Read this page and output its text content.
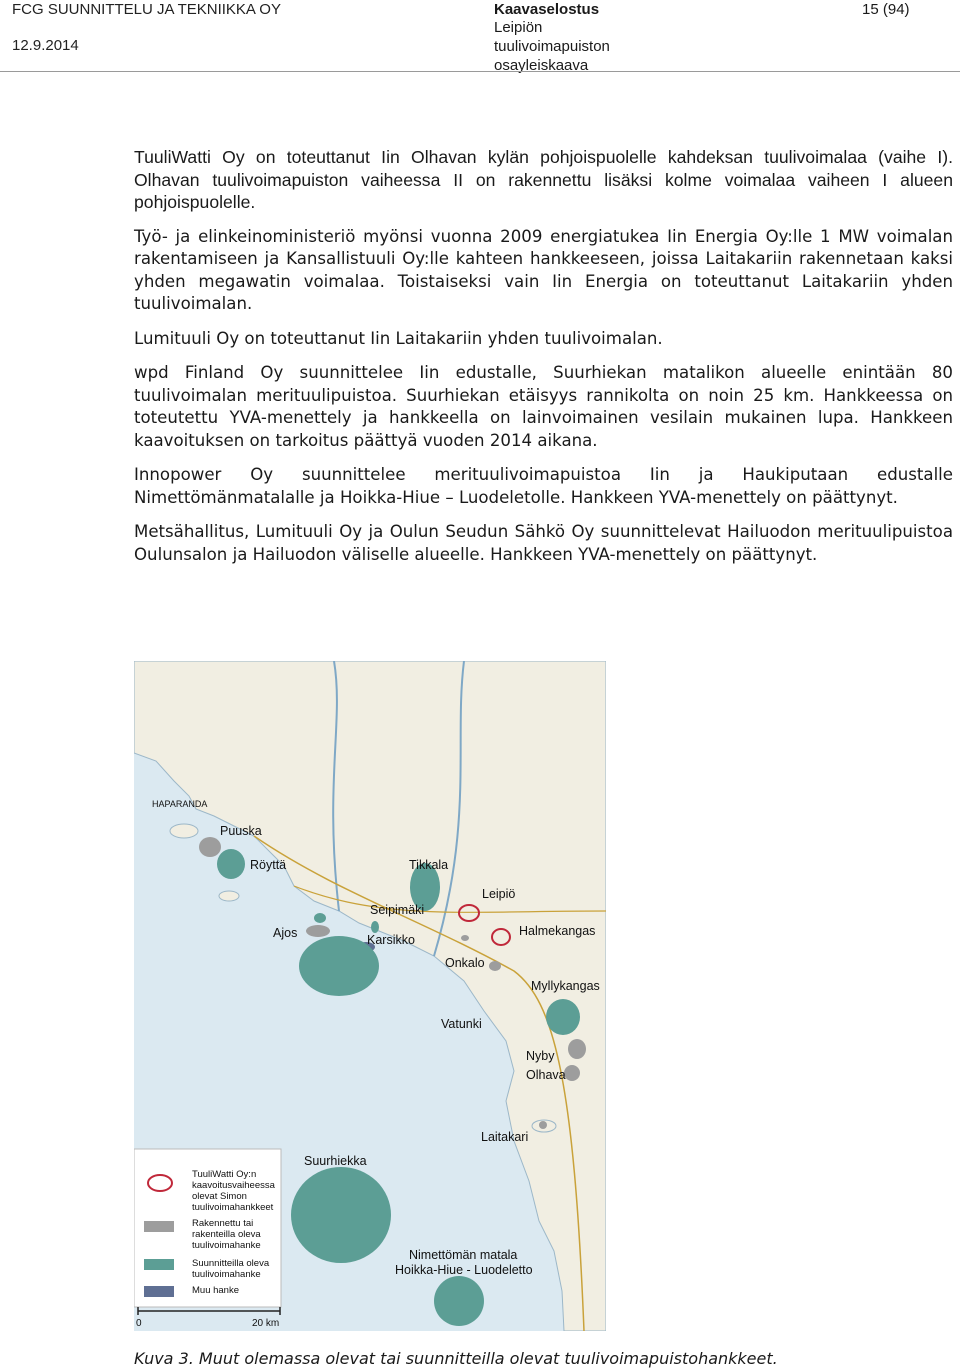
FCG SUUNNITTELU JA TEKNIIKKA OY
12.9.2014
Kaavaselostus
Leipiön
tuulivoimapuiston
osayleiskaava
15 (94)

TuuliWatti Oy on toteuttanut Iin Olhavan kylän pohjoispuolelle kahdeksan tuulivoimalaa (vaihe I). Olhavan tuulivoimapuiston vaiheessa II on rakennettu lisäksi kolme voimalaa vaiheen I alueen pohjoispuolelle.

Työ- ja elinkeinoministeriö myönsi vuonna 2009 energiatukea Iin Energia Oy:lle 1 MW voimalan rakentamiseen ja Kansallistuuli Oy:lle kahteen hankkeeseen, joissa Laitakariin rakennetaan kaksi yhden megawatin voimalaa. Toistaiseksi vain Iin Energia on toteuttanut Laitakariin yhden tuulivoimalan.

Lumituuli Oy on toteuttanut Iin Laitakariin yhden tuulivoimalan.

wpd Finland Oy suunnittelee Iin edustalle, Suurhiekan matalikon alueelle enintään 80 tuulivoimalan merituulipuistoa. Suurhiekan etäisyys rannikolta on noin 25 km. Hankkeessa on toteutettu YVA-menettely ja hankkeella on lainvoimainen vesilain mukainen lupa. Hankkeen kaavoituksen on tarkoitus päättyä vuoden 2014 aikana.

Innopower Oy suunnittelee merituulivoimapuistoa Iin ja Haukiputaan edustalle Nimettömänmatalalle ja Hoikka-Hiue – Luodeletolle. Hankkeen YVA-menettely on päättynyt.

Metsähallitus, Lumituuli Oy ja Oulun Seudun Sähkö Oy suunnittelevat Hailuodon merituulipuistoa Oulunsalon ja Hailuodon väliselle alueelle. Hankkeen YVA-menettely on päättynyt.

HAPARANDA
Puuska
Röyttä	Tikkala
Leipiö
Seipimäki
Ajos	Karsikko
Halmekangas
Onkalo
Myllykangas
Vatunki
Nyby
Olhava
Laitakari
Suurhiekka
Nimettömän matala
Hoikka-Hiue - Luodeletto
TuuliWatti Oy:n
kaavoitusvaiheessa
olevat Simon
tuulivoimahankkeet
Rakennettu tai
rakenteilla oleva
tuulivoimahanke
Suunnitteilla oleva
tuulivoimahanke
Muu hanke
0	20 km
Kuva 3. Muut olemassa olevat tai suunnitteilla olevat tuulivoimapuistohankkeet.
